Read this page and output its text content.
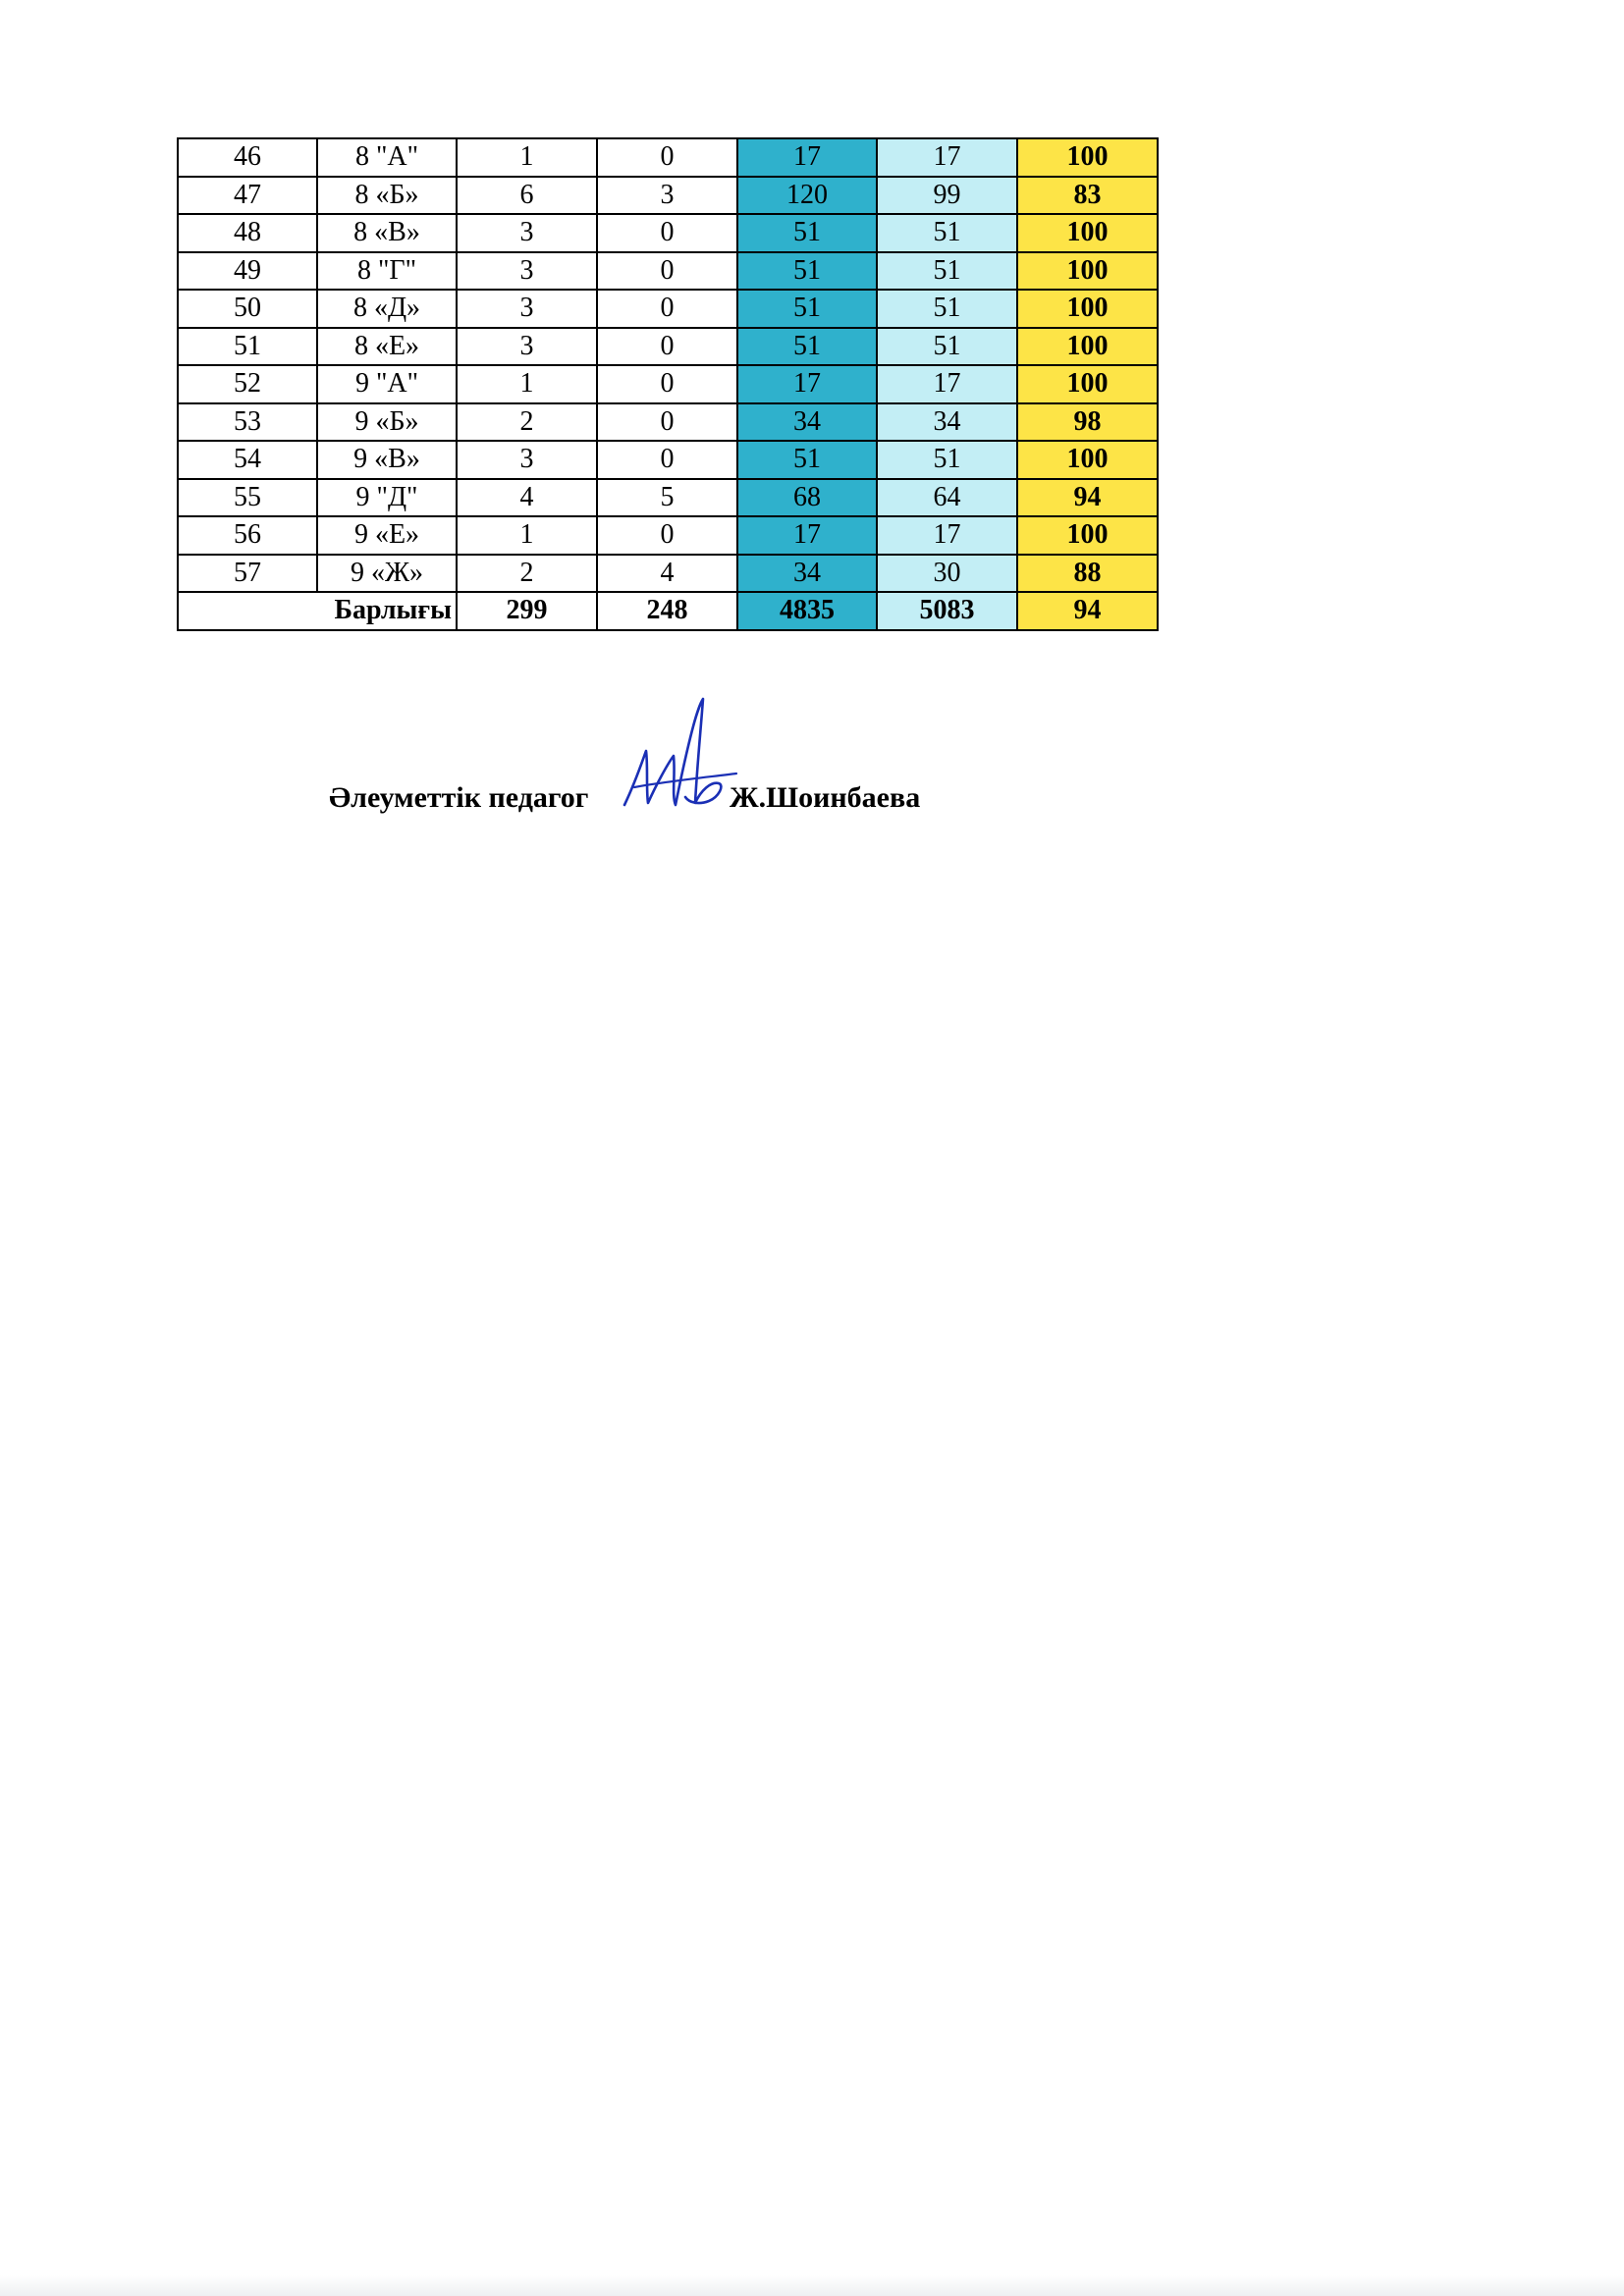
46	8 "А"	1	0	17	17	100
47	8 «Б»	6	3	120	99	83
48	8 «В»	3	0	51	51	100
49	8 "Г"	3	0	51	51	100
50	8 «Д»	3	0	51	51	100
51	8 «Е»	3	0	51	51	100
52	9 "А"	1	0	17	17	100
53	9 «Б»	2	0	34	34	98
54	9 «В»	3	0	51	51	100
55	9 "Д"	4	5	68	64	94
56	9 «Е»	1	0	17	17	100
57	9 «Ж»	2	4	34	30	88
Барлығы		299	248	4835	5083	94
Әлеуметтік педагог	Ж.Шоинбаева
